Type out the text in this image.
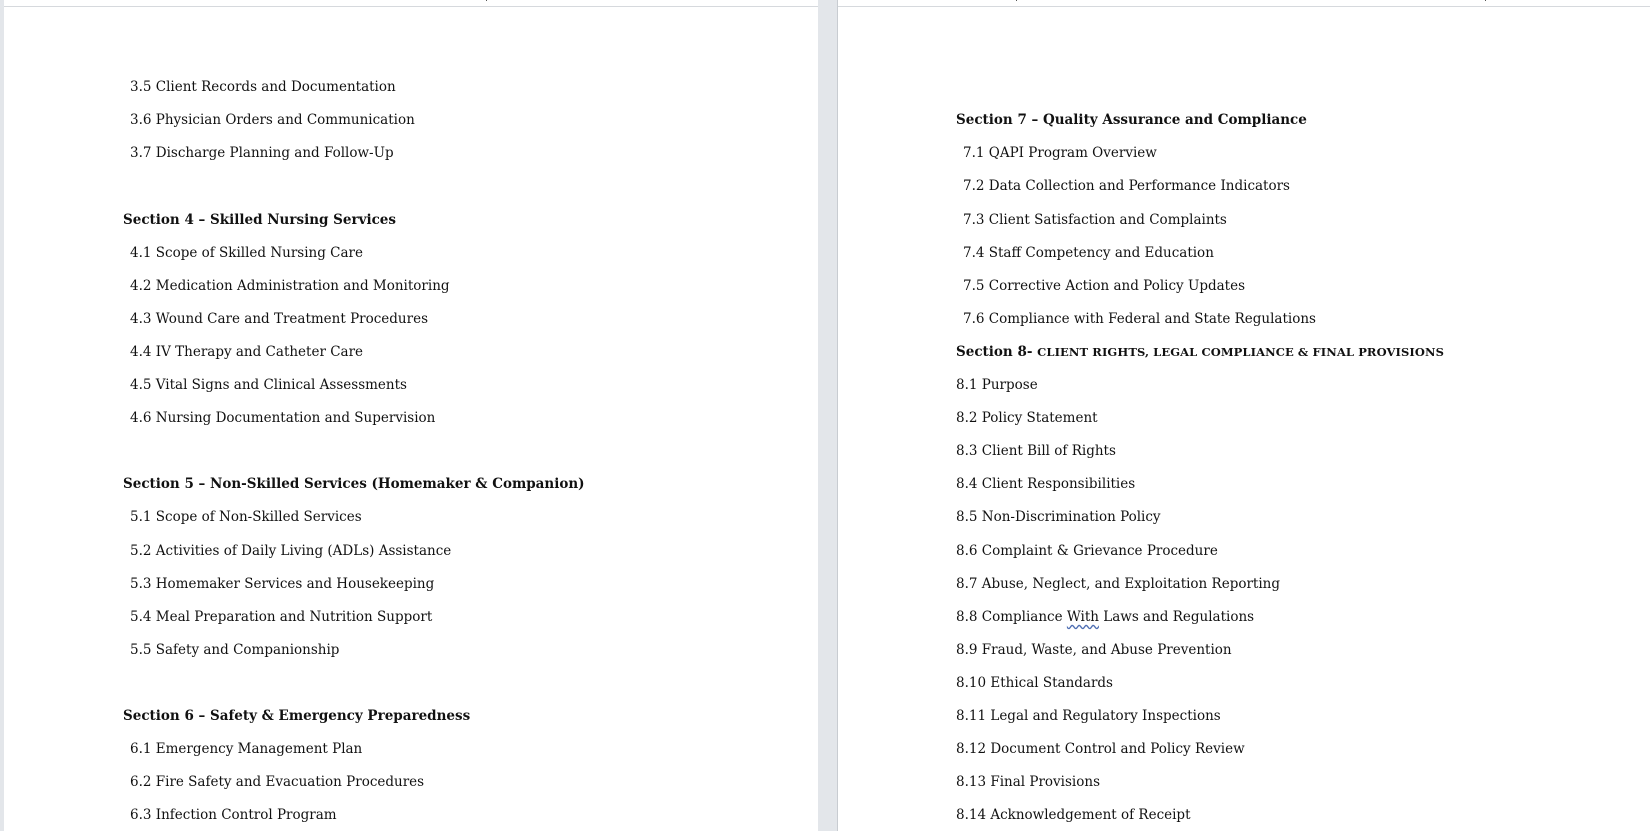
3.5 Client Records and Documentation
3.6 Physician Orders and Communication
3.7 Discharge Planning and Follow-Up
Section 4 – Skilled Nursing Services
4.1 Scope of Skilled Nursing Care
4.2 Medication Administration and Monitoring
4.3 Wound Care and Treatment Procedures
4.4 IV Therapy and Catheter Care
4.5 Vital Signs and Clinical Assessments
4.6 Nursing Documentation and Supervision
Section 5 – Non-Skilled Services (Homemaker & Companion)
5.1 Scope of Non-Skilled Services
5.2 Activities of Daily Living (ADLs) Assistance
5.3 Homemaker Services and Housekeeping
5.4 Meal Preparation and Nutrition Support
5.5 Safety and Companionship
Section 6 – Safety & Emergency Preparedness
6.1 Emergency Management Plan
6.2 Fire Safety and Evacuation Procedures
6.3 Infection Control Program
Section 7 – Quality Assurance and Compliance
7.1 QAPI Program Overview
7.2 Data Collection and Performance Indicators
7.3 Client Satisfaction and Complaints
7.4 Staff Competency and Education
7.5 Corrective Action and Policy Updates
7.6 Compliance with Federal and State Regulations
Section 8- CLIENT RIGHTS, LEGAL COMPLIANCE & FINAL PROVISIONS
8.1 Purpose
8.2 Policy Statement
8.3 Client Bill of Rights
8.4 Client Responsibilities
8.5 Non-Discrimination Policy
8.6 Complaint & Grievance Procedure
8.7 Abuse, Neglect, and Exploitation Reporting
8.8 Compliance With Laws and Regulations
8.9 Fraud, Waste, and Abuse Prevention
8.10 Ethical Standards
8.11 Legal and Regulatory Inspections
8.12 Document Control and Policy Review
8.13 Final Provisions
8.14 Acknowledgement of Receipt
